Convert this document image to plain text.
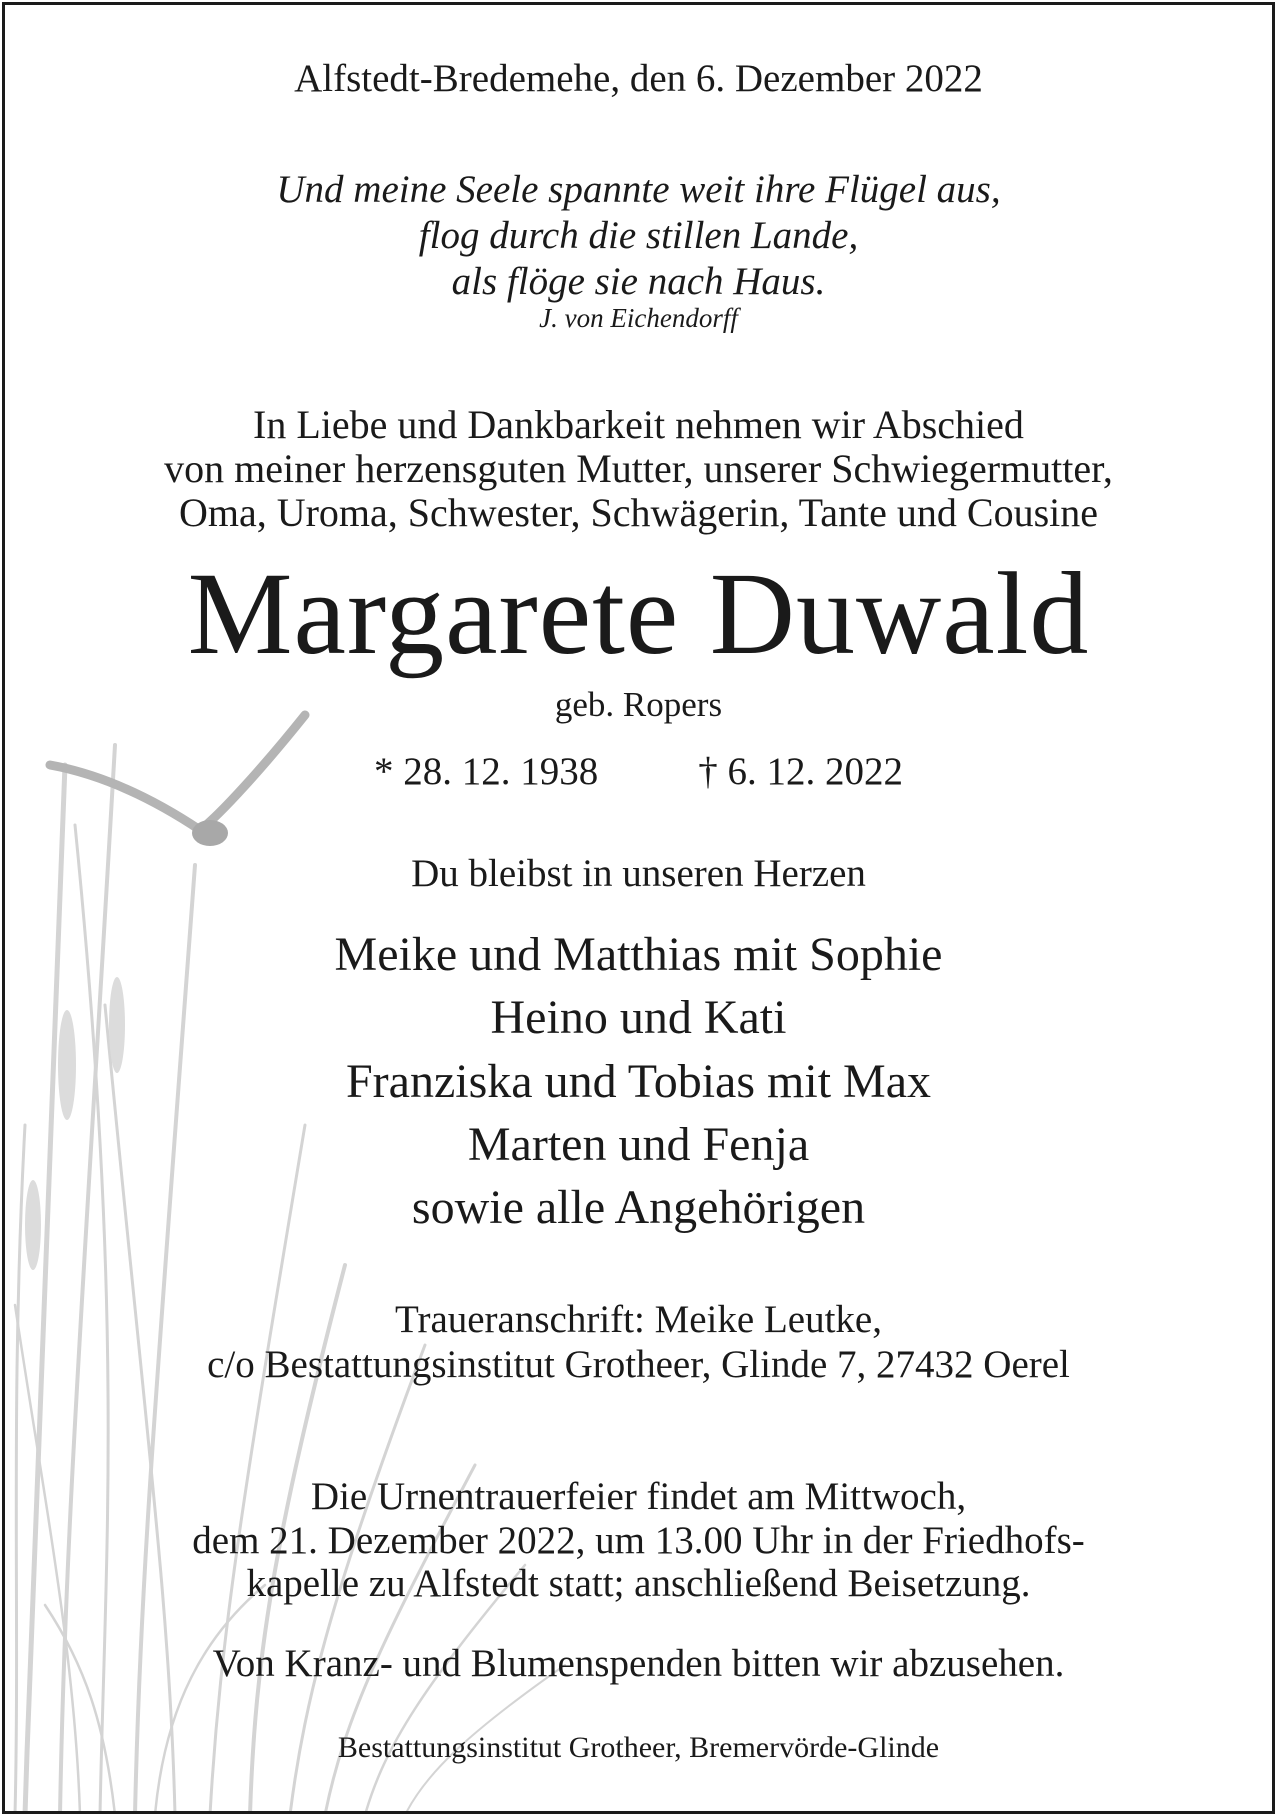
Alfstedt-Bredemehe, den 6. Dezember 2022
Und meine Seele spannte weit ihre Flügel aus,
flog durch die stillen Lande,
als flöge sie nach Haus.
J. von Eichendorff
In Liebe und Dankbarkeit nehmen wir Abschied
von meiner herzensguten Mutter, unserer Schwiegermutter,
Oma, Uroma, Schwester, Schwägerin, Tante und Cousine
Margarete Duwald
geb. Ropers
* 28. 12. 1938	† 6. 12. 2022
Du bleibst in unseren Herzen
Meike und Matthias mit Sophie
Heino und Kati
Franziska und Tobias mit Max
Marten und Fenja
sowie alle Angehörigen
Traueranschrift: Meike Leutke,
c/o Bestattungsinstitut Grotheer, Glinde 7, 27432 Oerel
Die Urnentrauerfeier findet am Mittwoch,
dem 21. Dezember 2022, um 13.00 Uhr in der Friedhofs-
kapelle zu Alfstedt statt; anschließend Beisetzung.
Von Kranz- und Blumenspenden bitten wir abzusehen.
Bestattungsinstitut Grotheer, Bremervörde-Glinde
